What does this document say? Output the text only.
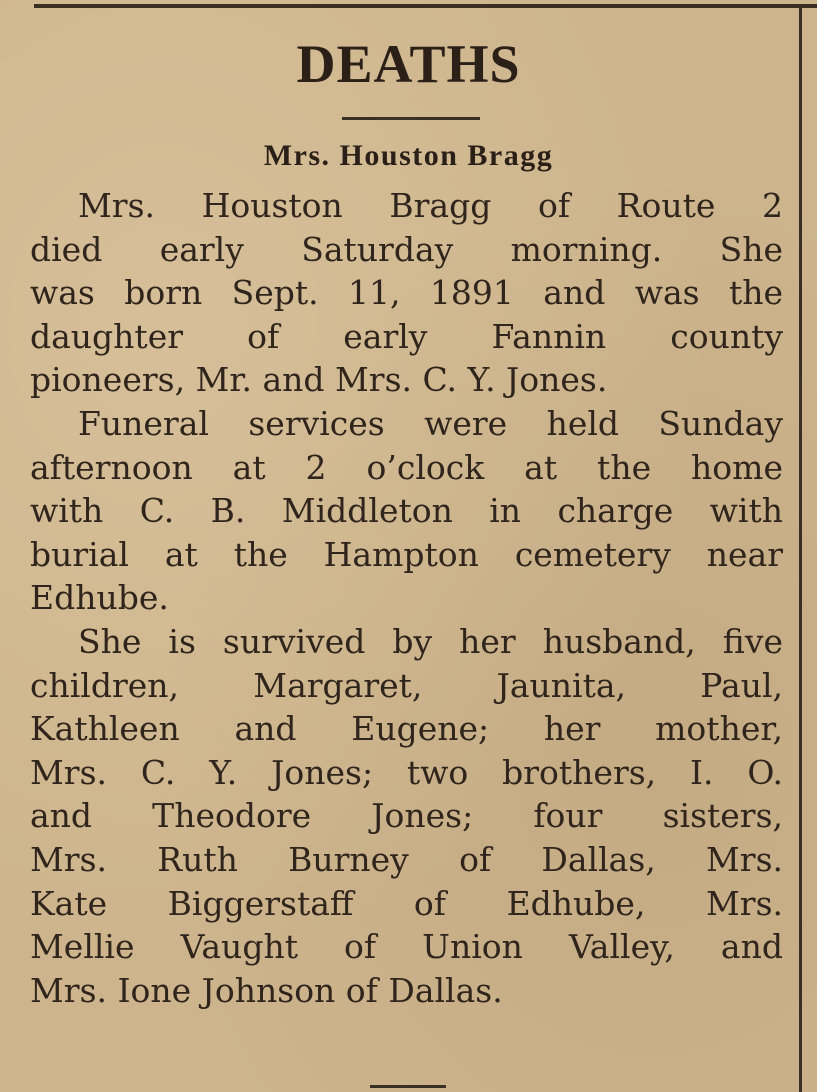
DEATHS
Mrs. Houston Bragg
Mrs. Houston Bragg of Route 2
died early Saturday morning. She
was born Sept. 11, 1891 and was the
daughter of early Fannin county
pioneers, Mr. and Mrs. C. Y. Jones.
Funeral services were held Sunday
afternoon at 2 o’clock at the home
with C. B. Middleton in charge with
burial at the Hampton cemetery near
Edhube.
She is survived by her husband, five
children, Margaret, Jaunita, Paul,
Kathleen and Eugene; her mother,
Mrs. C. Y. Jones; two brothers, I. O.
and Theodore Jones; four sisters,
Mrs. Ruth Burney of Dallas, Mrs.
Kate Biggerstaff of Edhube, Mrs.
Mellie Vaught of Union Valley, and
Mrs. Ione Johnson of Dallas.
